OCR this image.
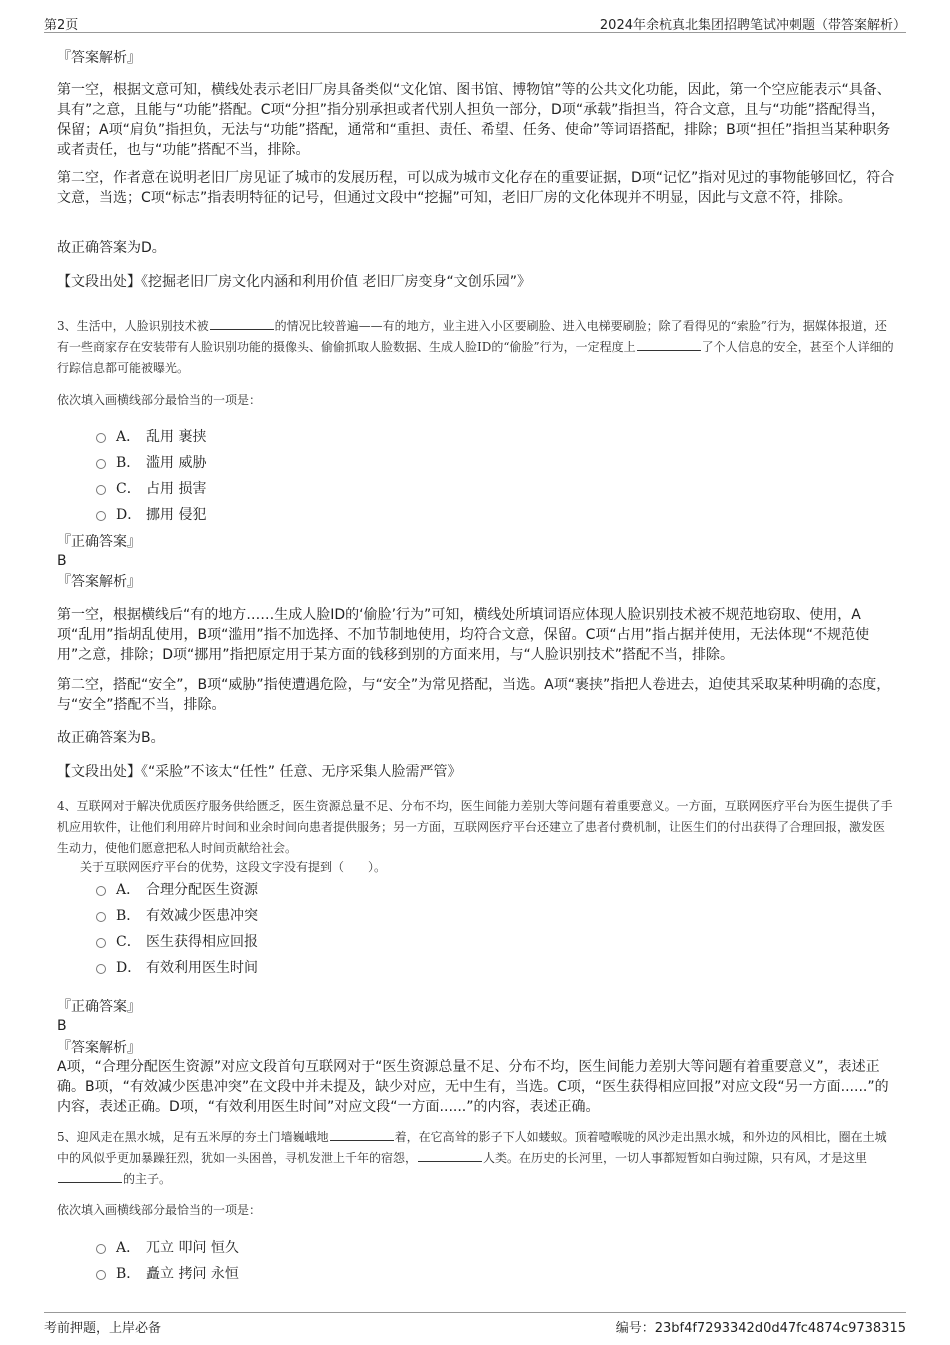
第2页	2024年余杭真北集团招聘笔试冲刺题（带答案解析）
『答案解析』
第一空，根据文意可知，横线处表示老旧厂房具备类似“文化馆、图书馆、博物馆”等的公共文化功能，因此，第一个空应能表示“具备、具有”之意，且能与“功能”搭配。C项“分担”指分别承担或者代别人担负一部分，D项“承载”指担当，符合文意，且与“功能”搭配得当，保留；A项“肩负”指担负，无法与“功能”搭配，通常和“重担、责任、希望、任务、使命”等词语搭配，排除；B项“担任”指担当某种职务或者责任，也与“功能”搭配不当，排除。
第二空，作者意在说明老旧厂房见证了城市的发展历程，可以成为城市文化存在的重要证据，D项“记忆”指对见过的事物能够回忆，符合文意，当选；C项“标志”指表明特征的记号，但通过文段中“挖掘”可知，老旧厂房的文化体现并不明显，因此与文意不符，排除。
故正确答案为D。
【文段出处】《挖掘老旧厂房文化内涵和利用价值 老旧厂房变身“文创乐园”》
3、生活中，人脸识别技术被	的情况比较普遍——有的地方，业主进入小区要刷脸、进入电梯要刷脸；除了看得见的“索脸”行为，据媒体报道，还有一些商家存在安装带有人脸识别功能的摄像头、偷偷抓取人脸数据、生成人脸ID的“偷脸”行为，一定程度上	了个人信息的安全，甚至个人详细的行踪信息都可能被曝光。
依次填入画横线部分最恰当的一项是：
A． 乱用 裹挟
B． 滥用 威胁
C． 占用 损害
D． 挪用 侵犯
『正确答案』
B
『答案解析』
第一空，根据横线后“有的地方……生成人脸ID的‘偷脸’行为”可知，横线处所填词语应体现人脸识别技术被不规范地窃取、使用，A项“乱用”指胡乱使用，B项“滥用”指不加选择、不加节制地使用，均符合文意，保留。C项“占用”指占据并使用，无法体现“不规范使用”之意，排除；D项“挪用”指把原定用于某方面的钱移到别的方面来用，与“人脸识别技术”搭配不当，排除。
第二空，搭配“安全”，B项“威胁”指使遭遇危险，与“安全”为常见搭配，当选。A项“裹挟”指把人卷进去，迫使其采取某种明确的态度，与“安全”搭配不当，排除。
故正确答案为B。
【文段出处】《“采脸”不该太“任性” 任意、无序采集人脸需严管》
4、互联网对于解决优质医疗服务供给匮乏，医生资源总量不足、分布不均，医生间能力差别大等问题有着重要意义。一方面，互联网医疗平台为医生提供了手机应用软件，让他们利用碎片时间和业余时间向患者提供服务；另一方面，互联网医疗平台还建立了患者付费机制，让医生们的付出获得了合理回报，激发医生动力，使他们愿意把私人时间贡献给社会。
关于互联网医疗平台的优势，这段文字没有提到（　　）。
A． 合理分配医生资源
B． 有效减少医患冲突
C． 医生获得相应回报
D． 有效利用医生时间
『正确答案』
B
『答案解析』
A项，“合理分配医生资源”对应文段首句互联网对于“医生资源总量不足、分布不均，医生间能力差别大等问题有着重要意义”，表述正确。B项，“有效减少医患冲突”在文段中并未提及，缺少对应，无中生有，当选。C项，“医生获得相应回报”对应文段“另一方面......”的内容，表述正确。D项，“有效利用医生时间”对应文段“一方面......”的内容，表述正确。
5、迎风走在黑水城，足有五米厚的夯土门墙巍峨地	着，在它高耸的影子下人如蝼蚁。顶着噎喉咙的风沙走出黑水城，和外边的风相比，圈在土城中的风似乎更加暴躁狂烈，犹如一头困兽，寻机发泄上千年的宿怨，	人类。在历史的长河里，一切人事都短暂如白驹过隙，只有风，才是这里的主子。
依次填入画横线部分最恰当的一项是：
A． 兀立 叩问 恒久
B． 矗立 拷问 永恒
考前押题，上岸必备	编号：23bf4f7293342d0d47fc4874c9738315
